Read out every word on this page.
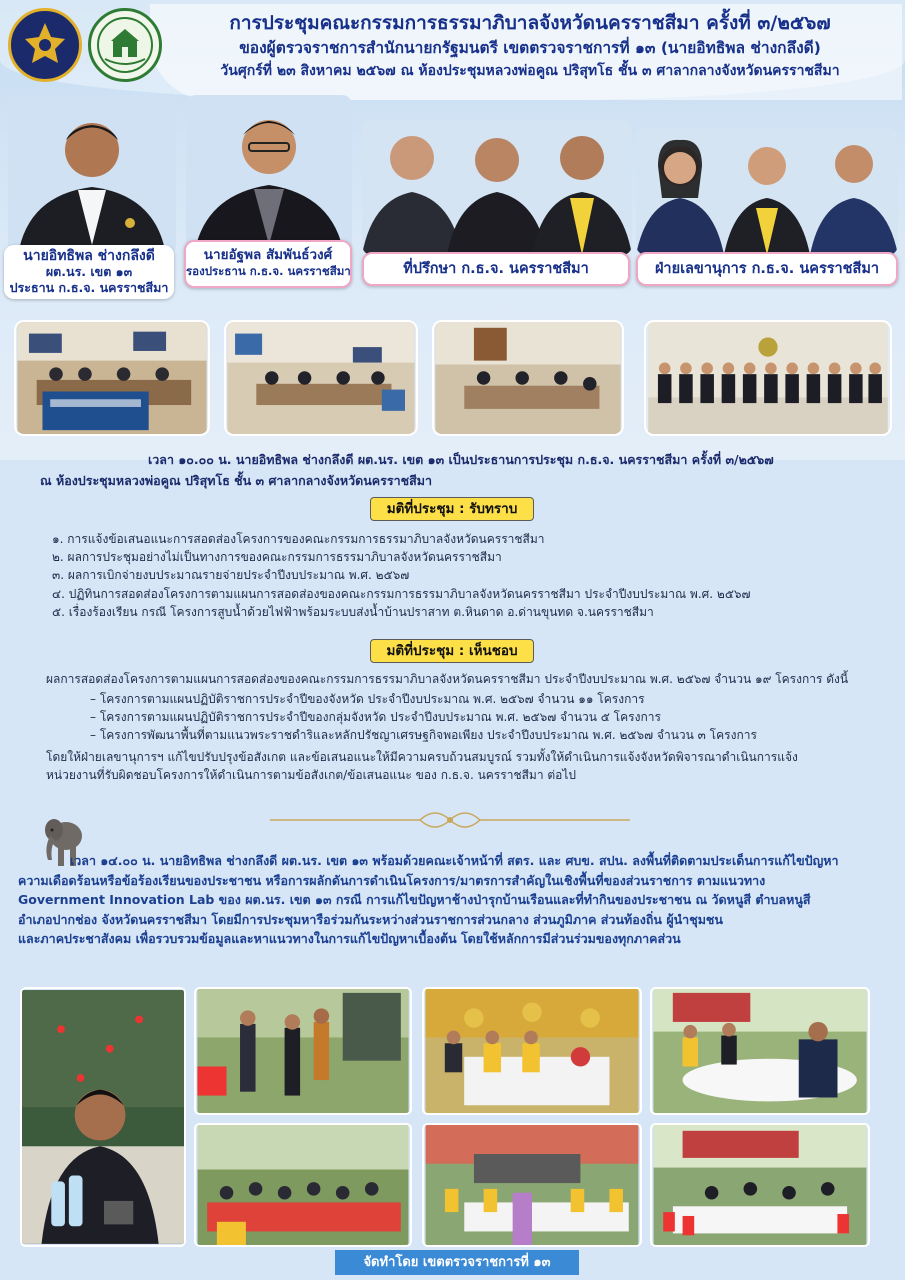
การประชุมคณะกรรมการธรรมาภิบาลจังหวัดนครราชสีมา ครั้งที่ ๓/๒๕๖๗
ของผู้ตรวจราชการสำนักนายกรัฐมนตรี เขตตรวจราชการที่ ๑๓ (นายอิทธิพล ช่างกลึงดี)
วันศุกร์ที่ ๒๓ สิงหาคม ๒๕๖๗ ณ ห้องประชุมหลวงพ่อคูณ ปริสุทโธ ชั้น ๓ ศาลากลางจังหวัดนครราชสีมา
นายอิทธิพล ช่างกลึงดี
ผต.นร. เขต ๑๓
ประธาน ก.ธ.จ. นครราชสีมา
นายอัฐพล สัมพันธ์วงศ์
รองประธาน ก.ธ.จ. นครราชสีมา	ที่ปรึกษา ก.ธ.จ. นครราชสีมา	ฝ่ายเลขานุการ ก.ธ.จ. นครราชสีมา
เวลา ๑๐.๐๐ น. นายอิทธิพล ช่างกลึงดี ผต.นร. เขต ๑๓ เป็นประธานการประชุม ก.ธ.จ. นครราชสีมา ครั้งที่ ๓/๒๕๖๗
ณ ห้องประชุมหลวงพ่อคูณ ปริสุทโธ ชั้น ๓ ศาลากลางจังหวัดนครราชสีมา
มติที่ประชุม : รับทราบ
๑. การแจ้งข้อเสนอแนะการสอดส่องโครงการของคณะกรรมการธรรมาภิบาลจังหวัดนครราชสีมา
๒. ผลการประชุมอย่างไม่เป็นทางการของคณะกรรมการธรรมาภิบาลจังหวัดนครราชสีมา
๓. ผลการเบิกจ่ายงบประมาณรายจ่ายประจำปีงบประมาณ พ.ศ. ๒๕๖๗
๔. ปฏิทินการสอดส่องโครงการตามแผนการสอดส่องของคณะกรรมการธรรมาภิบาลจังหวัดนครราชสีมา ประจำปีงบประมาณ พ.ศ. ๒๕๖๗
๕. เรื่องร้องเรียน กรณี โครงการสูบน้ำด้วยไฟฟ้าพร้อมระบบส่งน้ำบ้านปราสาท ต.หินดาด อ.ด่านขุนทด จ.นครราชสีมา
มติที่ประชุม : เห็นชอบ
ผลการสอดส่องโครงการตามแผนการสอดส่องของคณะกรรมการธรรมาภิบาลจังหวัดนครราชสีมา ประจำปีงบประมาณ พ.ศ. ๒๕๖๗ จำนวน ๑๙ โครงการ ดังนี้
– โครงการตามแผนปฏิบัติราชการประจำปีของจังหวัด ประจำปีงบประมาณ พ.ศ. ๒๕๖๗ จำนวน ๑๑ โครงการ
– โครงการตามแผนปฏิบัติราชการประจำปีของกลุ่มจังหวัด ประจำปีงบประมาณ พ.ศ. ๒๕๖๗ จำนวน ๕ โครงการ
– โครงการพัฒนาพื้นที่ตามแนวพระราชดำริและหลักปรัชญาเศรษฐกิจพอเพียง ประจำปีงบประมาณ พ.ศ. ๒๕๖๗ จำนวน ๓ โครงการ
โดยให้ฝ่ายเลขานุการฯ แก้ไขปรับปรุงข้อสังเกต และข้อเสนอแนะให้มีความครบถ้วนสมบูรณ์ รวมทั้งให้ดำเนินการแจ้งจังหวัดพิจารณาดำเนินการแจ้ง
หน่วยงานที่รับผิดชอบโครงการให้ดำเนินการตามข้อสังเกต/ข้อเสนอแนะ ของ ก.ธ.จ. นครราชสีมา ต่อไป
เวลา ๑๔.๐๐ น. นายอิทธิพล ช่างกลึงดี ผต.นร. เขต ๑๓ พร้อมด้วยคณะเจ้าหน้าที่ สตร. และ ศบข. สปน. ลงพื้นที่ติดตามประเด็นการแก้ไขปัญหา
ความเดือดร้อนหรือข้อร้องเรียนของประชาชน หรือการผลักดันการดำเนินโครงการ/มาตรการสำคัญในเชิงพื้นที่ของส่วนราชการ ตามแนวทาง
Government Innovation Lab ของ ผต.นร. เขต ๑๓ กรณี การแก้ไขปัญหาช้างป่ารุกบ้านเรือนและที่ทำกินของประชาชน ณ วัดหนูสี ตำบลหนูสี
อำเภอปากช่อง จังหวัดนครราชสีมา โดยมีการประชุมหารือร่วมกันระหว่างส่วนราชการส่วนกลาง ส่วนภูมิภาค ส่วนท้องถิ่น ผู้นำชุมชน
และภาคประชาสังคม เพื่อรวบรวมข้อมูลและหาแนวทางในการแก้ไขปัญหาเบื้องต้น โดยใช้หลักการมีส่วนร่วมของทุกภาคส่วน
จัดทำโดย เขตตรวจราชการที่ ๑๓
